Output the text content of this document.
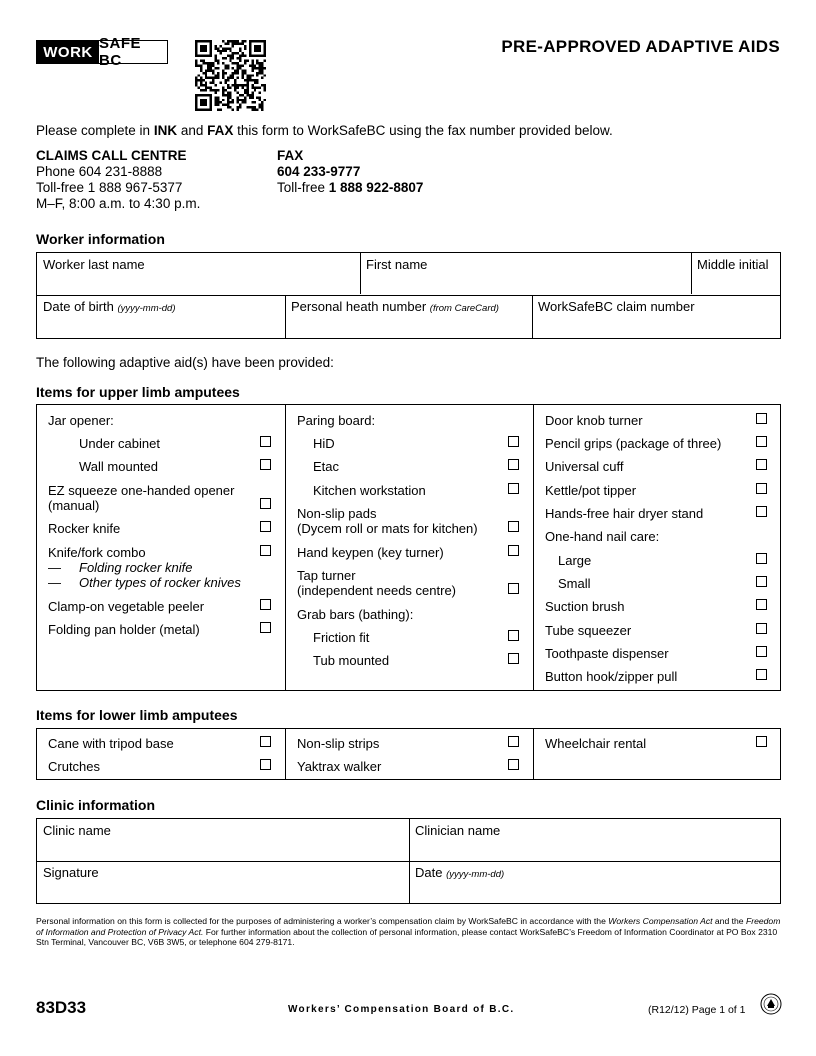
WORK SAFE BC
PRE-APPROVED ADAPTIVE AIDS
Please complete in INK and FAX this form to WorkSafeBC using the fax number provided below.
CLAIMS CALL CENTRE
Phone 604 231-8888
Toll-free 1 888 967-5377
M–F, 8:00 a.m. to 4:30 p.m.
FAX
604 233-9777
Toll-free 1 888 922-8807
Worker information
Worker last name	First name	Middle initial
Date of birth (yyyy-mm-dd)	Personal heath number (from CareCard)	WorkSafeBC claim number
The following adaptive aid(s) have been provided:
Items for upper limb amputees
Jar opener:
Under cabinet
Wall mounted
EZ squeeze one-handed opener
(manual)
Rocker knife
Knife/fork combo
— Folding rocker knife
— Other types of rocker knives
Clamp-on vegetable peeler
Folding pan holder (metal)
Paring board:
HiD
Etac
Kitchen workstation
Non-slip pads
(Dycem roll or mats for kitchen)
Hand keypen (key turner)
Tap turner
(independent needs centre)
Grab bars (bathing):
Friction fit
Tub mounted
Door knob turner
Pencil grips (package of three)
Universal cuff
Kettle/pot tipper
Hands-free hair dryer stand
One-hand nail care:
Large
Small
Suction brush
Tube squeezer
Toothpaste dispenser
Button hook/zipper pull
Items for lower limb amputees
Cane with tripod base
Crutches
Non-slip strips
Yaktrax walker
Wheelchair rental
Clinic information
Clinic name	Clinician name
Signature	Date (yyyy-mm-dd)
Personal information on this form is collected for the purposes of administering a worker’s compensation claim by WorkSafeBC in accordance with the Workers Compensation Act and the Freedom of Information and Protection of Privacy Act. For further information about the collection of personal information, please contact WorkSafeBC’s Freedom of Information Coordinator at PO Box 2310 Stn Terminal, Vancouver BC, V6B 3W5, or telephone 604 279-8171.
83D33	Workers’ Compensation Board of B.C.	(R12/12) Page 1 of 1
